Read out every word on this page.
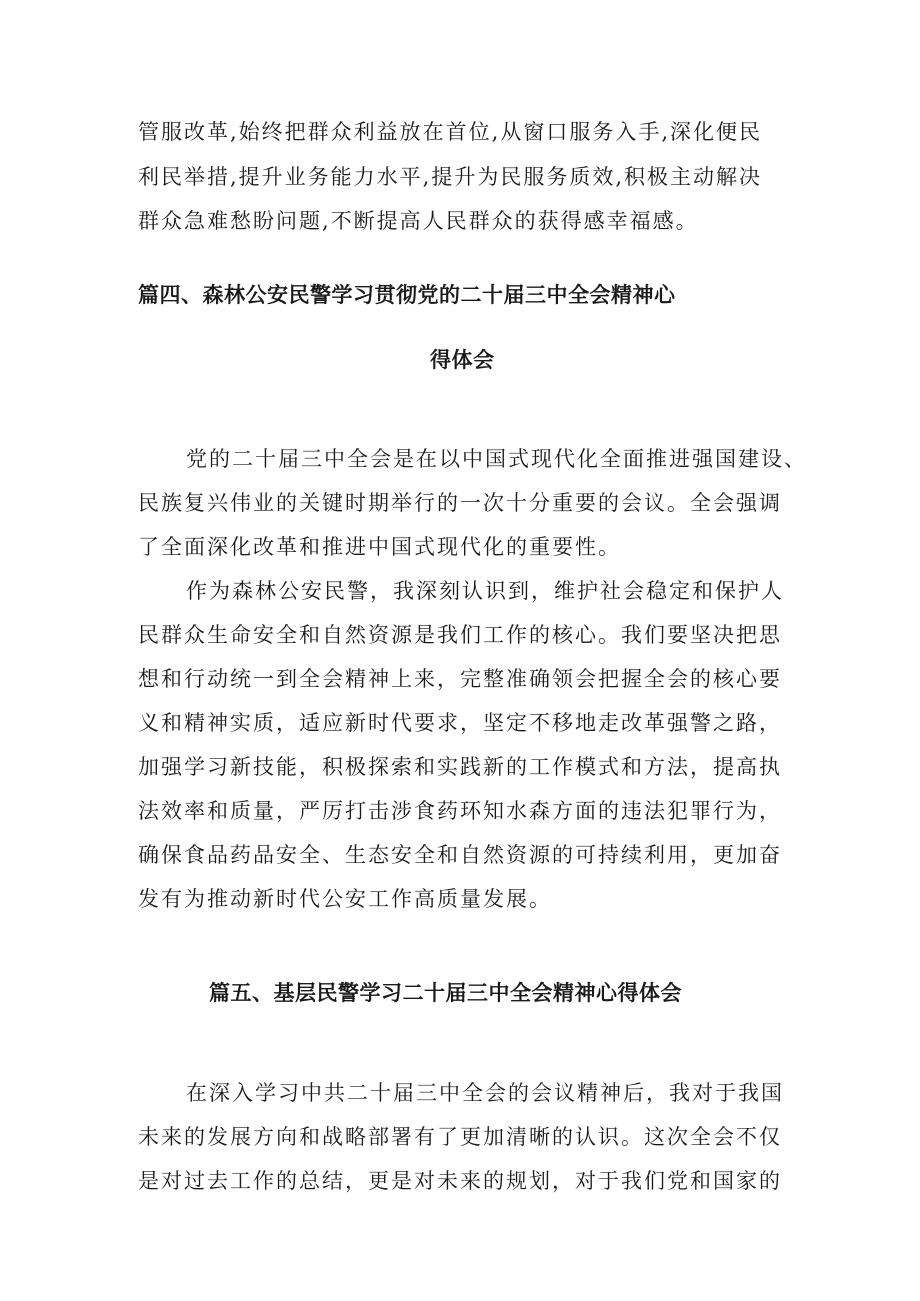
管服改革,始终把群众利益放在首位,从窗口服务入手,深化便民
利民举措,提升业务能力水平,提升为民服务质效,积极主动解决
群众急难愁盼问题,不断提高人民群众的获得感幸福感。
篇四、森林公安民警学习贯彻党的二十届三中全会精神心
得体会
党的二十届三中全会是在以中国式现代化全面推进强国建设、
民族复兴伟业的关键时期举行的一次十分重要的会议。全会强调
了全面深化改革和推进中国式现代化的重要性。
作为森林公安民警，我深刻认识到，维护社会稳定和保护人
民群众生命安全和自然资源是我们工作的核心。我们要坚决把思
想和行动统一到全会精神上来，完整准确领会把握全会的核心要
义和精神实质，适应新时代要求，坚定不移地走改革强警之路，
加强学习新技能，积极探索和实践新的工作模式和方法，提高执
法效率和质量，严厉打击涉食药环知水森方面的违法犯罪行为，
确保食品药品安全、生态安全和自然资源的可持续利用，更加奋
发有为推动新时代公安工作高质量发展。
篇五、基层民警学习二十届三中全会精神心得体会
在深入学习中共二十届三中全会的会议精神后，我对于我国
未来的发展方向和战略部署有了更加清晰的认识。这次全会不仅
是对过去工作的总结，更是对未来的规划，对于我们党和国家的
